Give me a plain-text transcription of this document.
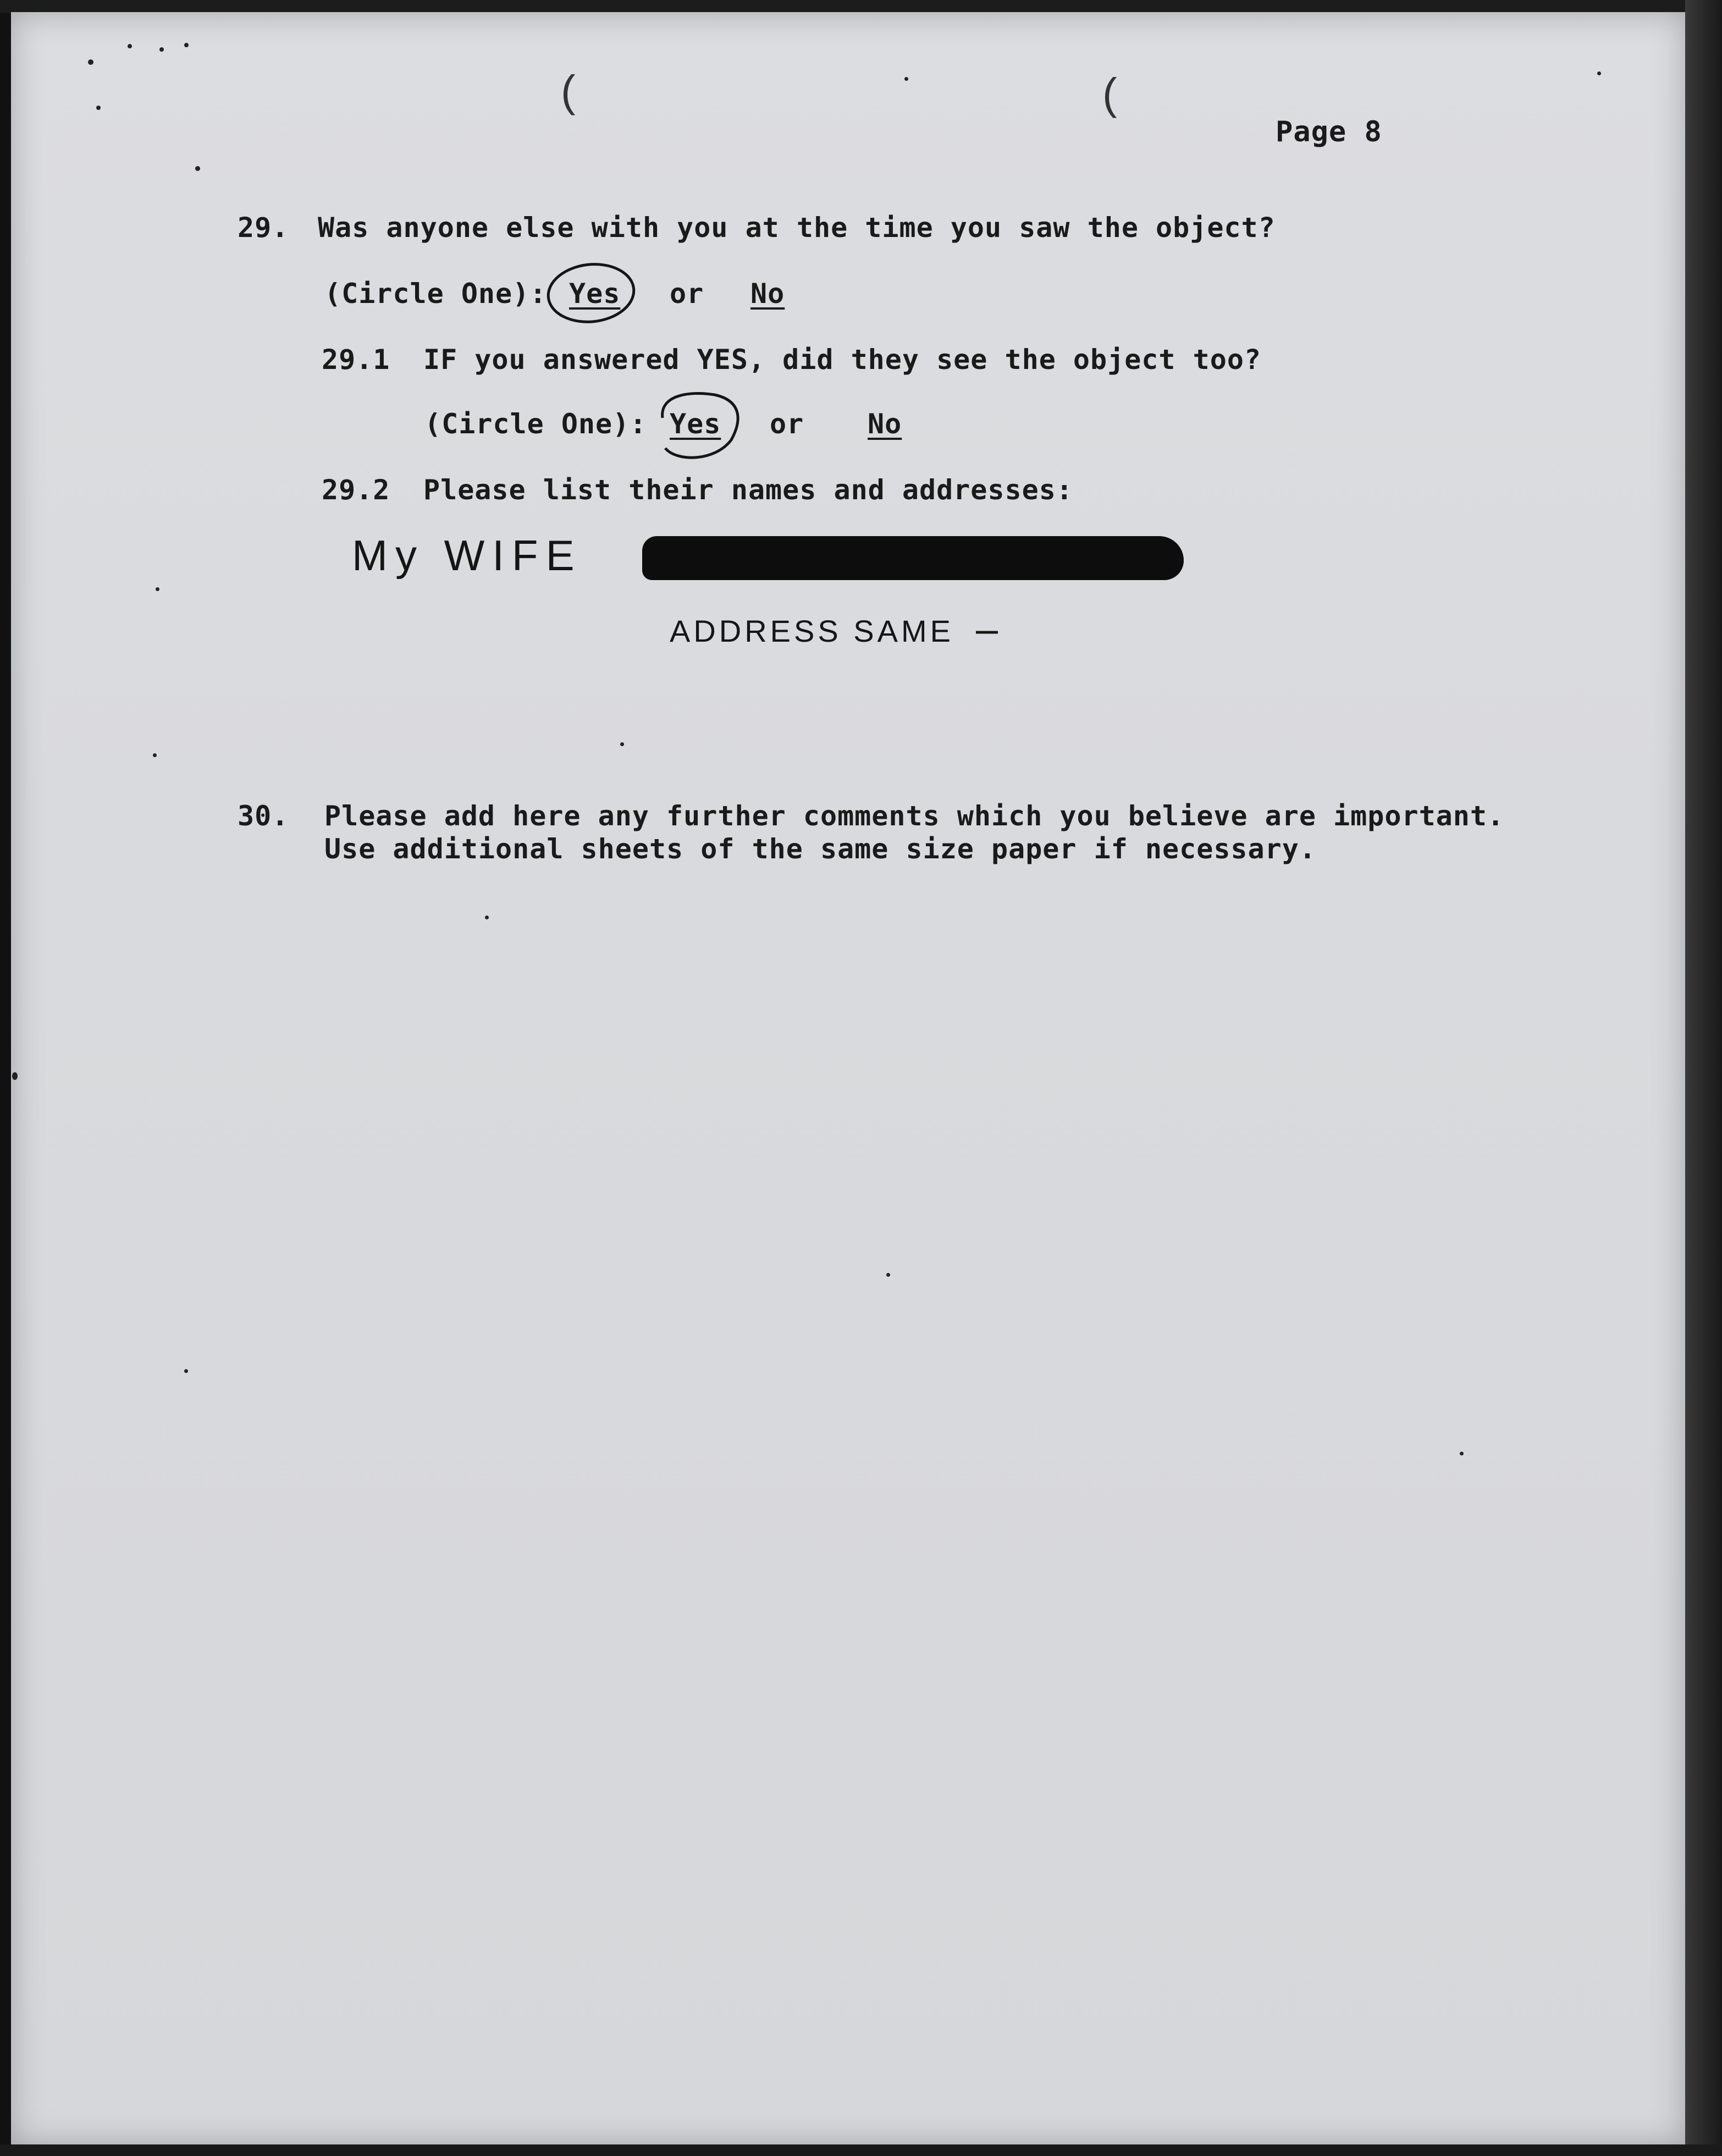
(	(
Page 8
29. Was anyone else with you at the time you saw the object?
(Circle One): Yes or No
29.1 IF you answered YES, did they see the object too?
(Circle One): Yes or No
29.2 Please list their names and addresses:
My WIFE
ADDRESS SAME
30. Please add here any further comments which you believe are important.
Use additional sheets of the same size paper if necessary.
